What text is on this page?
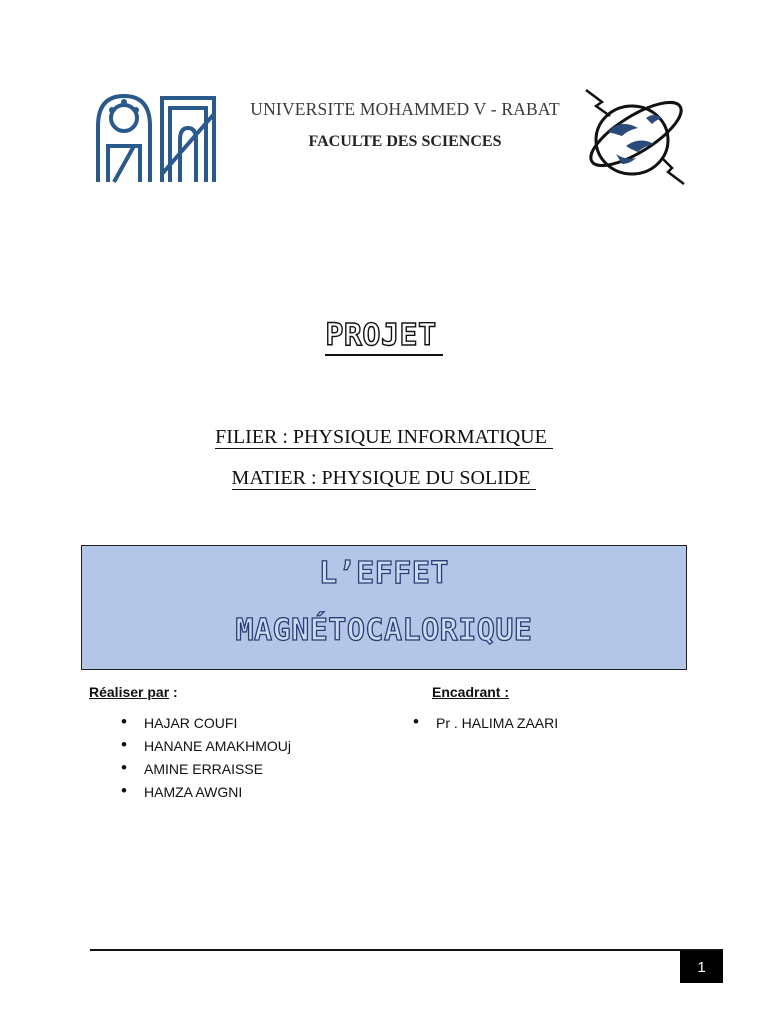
UNIVERSITE MOHAMMED V - RABAT
FACULTE DES SCIENCES
PROJET
FILIER : PHYSIQUE INFORMATIQUE
MATIER : PHYSIQUE DU SOLIDE
L’EFFET
MAGNÉTOCALORIQUE
Réaliser par :
• HAJAR COUFI
• HANANE AMAKHMOUj
• AMINE ERRAISSE
• HAMZA AWGNI
Encadrant :
• Pr . HALIMA ZAARI
1
